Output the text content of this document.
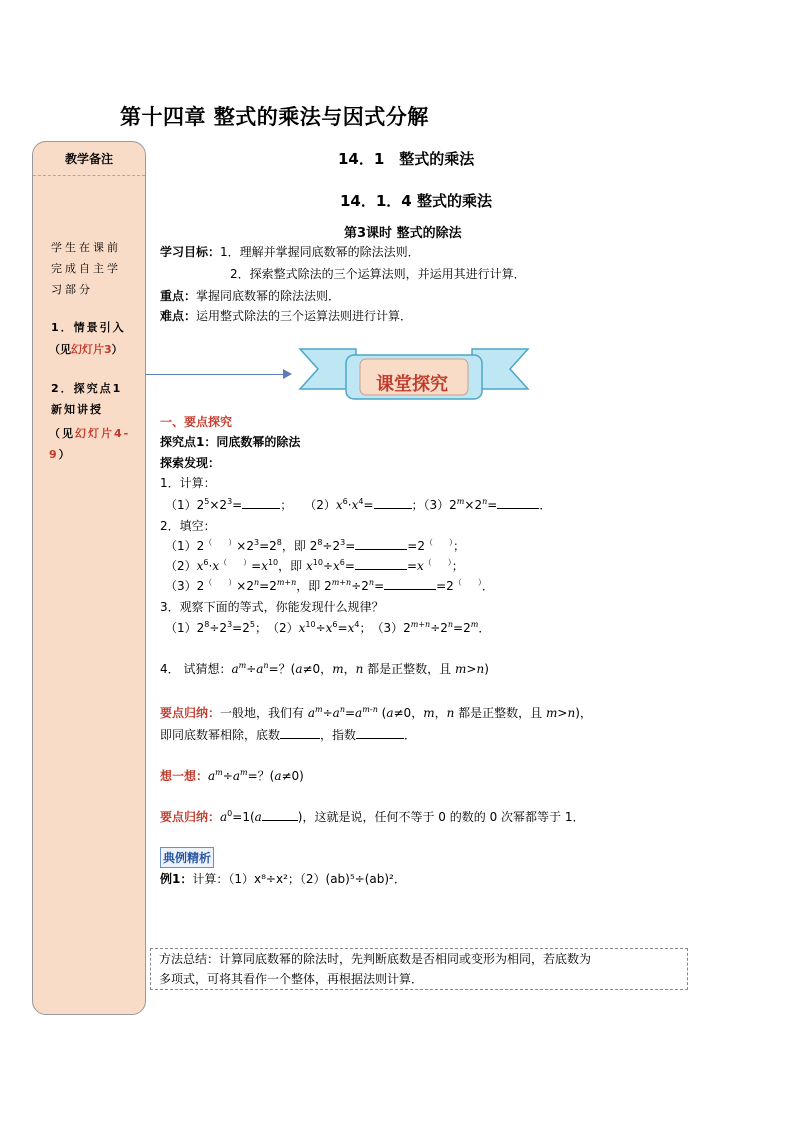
第十四章 整式的乘法与因式分解
教学备注
学生在课前完成自主学习部分
1．情景引入
（见幻灯片3）
2．探究点1新知讲授
（见幻灯片4-9）
14．1　整式的乘法
14．1．4 整式的乘法
第3课时 整式的除法
学习目标：1．理解并掌握同底数幂的除法法则．
2．探索整式除法的三个运算法则，并运用其进行计算．
重点：掌握同底数幂的除法法则．
难点：运用整式除法的三个运算法则进行计算．
课堂探究
一、要点探究
探究点1：同底数幂的除法
探索发现：
1．计算：
$(1)2^5\times 2^3=$	；　　$(2)x^6\cdot x^4=$	；$(3)2^m\times 2^n=$	．
2．填空：
$(1)2^{( )}\times 2^3=2^8$，即 $2^8\div 2^3=$	=2（　　）；
$(2)x^6\cdot x^{( )}=x^{10}$，即 $x^{10}\div x^6=$	=x（　　）；
$(3)2^{( )}\times 2^n=2^{m+n}$，即 $2^{m+n}\div 2^n=$	=2（　　）．
3．观察下面的等式，你能发现什么规律？
$(1)2^8\div 2^3=2^5$；　$(2)x^{10}\div x^6=x^4$；　$(3)2^{m+n}\div 2^n=2^m$．
4． 试猜想：$a^m\div a^n=$？(a≠0，m，n 都是正整数，且 m>n)
要点归纳：一般地，我们有 $a^m\div a^n=a^{m-n}$ (a≠0，m，n 都是正整数，且 m>n)，
即同底数幂相除，底数	，指数	．
想一想：$a^m\div a^m=$？(a≠0)
要点归纳：$a^0=1(a$	)，这就是说，任何不等于 0 的数的 0 次幂都等于 1．
典例精析
例1：计算：（1）x⁸÷x²；（2）(ab)⁵÷(ab)²．
方法总结：计算同底数幂的除法时，先判断底数是否相同或变形为相同，若底数为
多项式，可将其看作一个整体，再根据法则计算．
